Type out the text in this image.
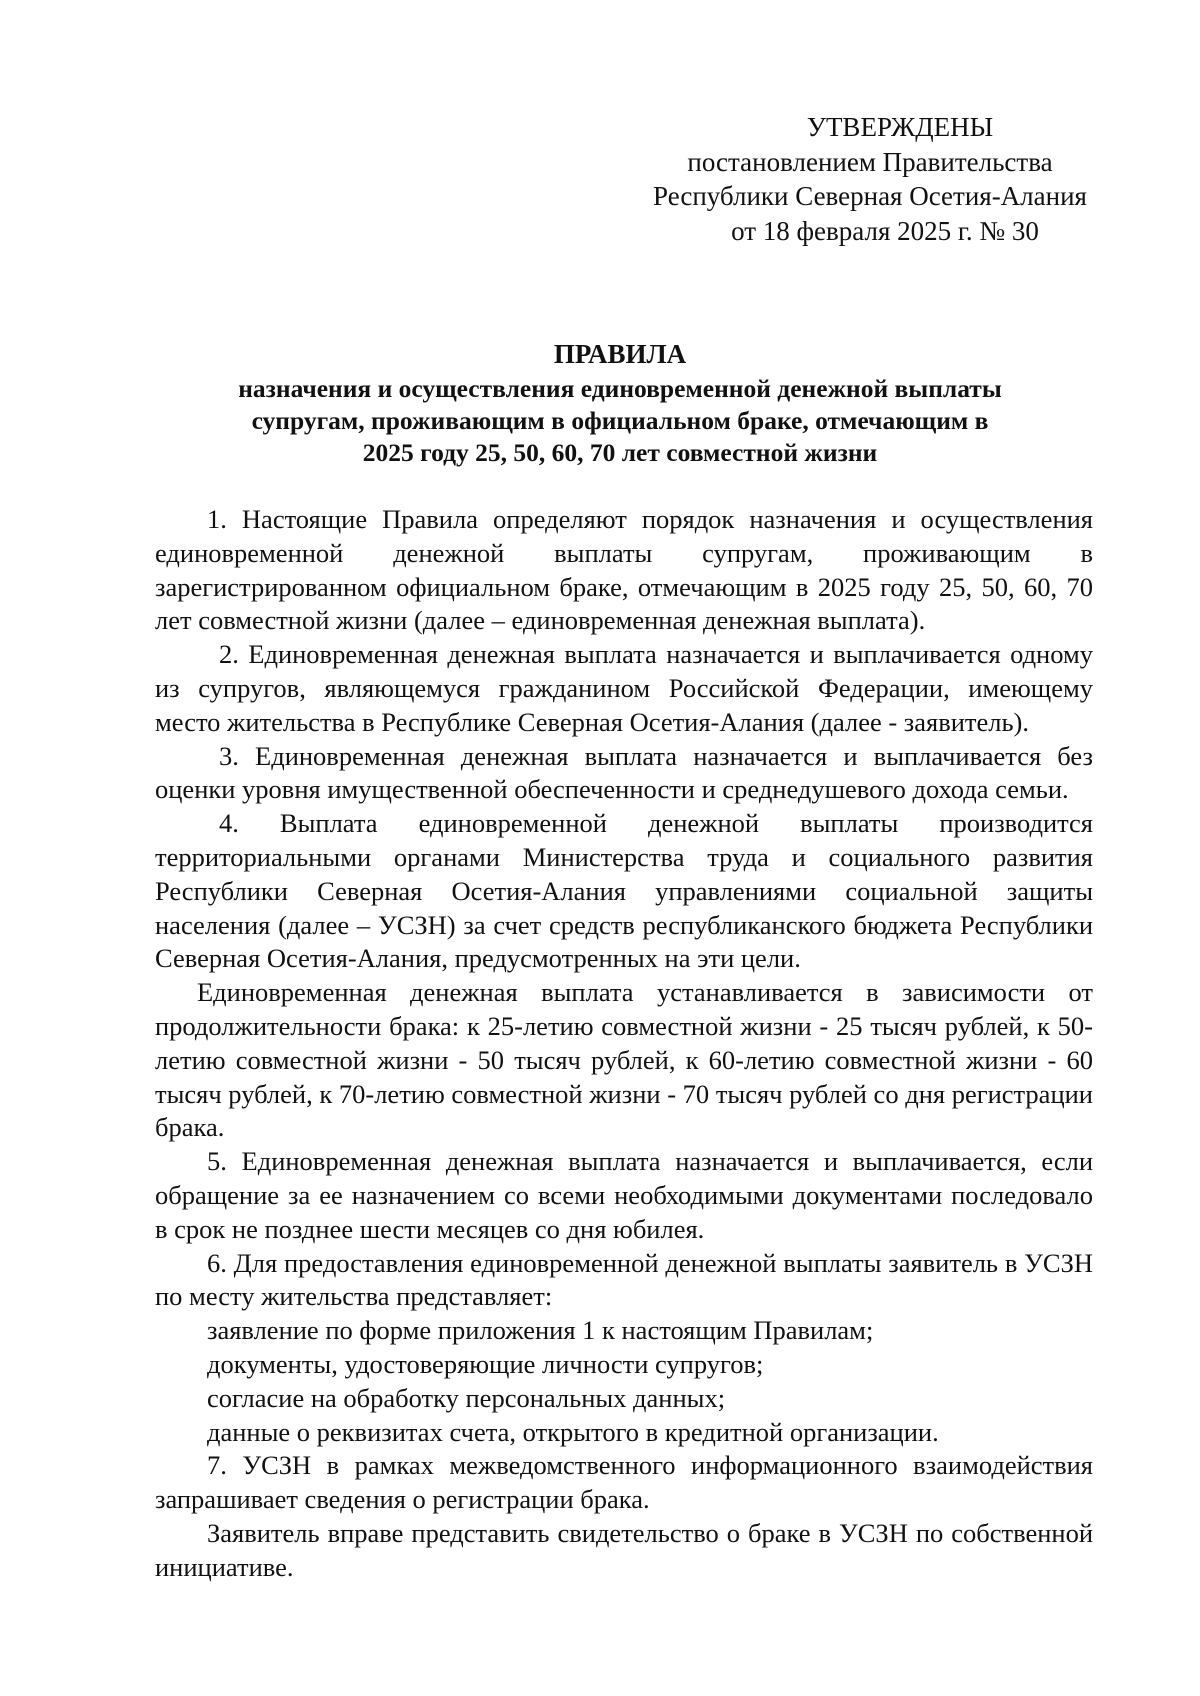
УТВЕРЖДЕНЫ
постановлением Правительства
Республики Северная Осетия-Алания
от 18 февраля 2025 г. № 30
ПРАВИЛА
назначения и осуществления единовременной денежной выплаты
супругам, проживающим в официальном браке, отмечающим в
2025 году 25, 50, 60, 70 лет совместной жизни

1. Настоящие Правила определяют порядок назначения и осуществления единовременной денежной выплаты супругам, проживающим в зарегистрированном официальном браке, отмечающим в 2025 году 25, 50, 60, 70 лет совместной жизни (далее – единовременная денежная выплата).

2. Единовременная денежная выплата назначается и выплачивается одному из супругов, являющемуся гражданином Российской Федерации, имеющему место жительства в Республике Северная Осетия-Алания (далее - заявитель).

3. Единовременная денежная выплата назначается и выплачивается без оценки уровня имущественной обеспеченности и среднедушевого дохода семьи.

4. Выплата единовременной денежной выплаты производится территориальными органами Министерства труда и социального развития Республики Северная Осетия-Алания управлениями социальной защиты населения (далее – УСЗН) за счет средств республиканского бюджета Республики Северная Осетия-Алания, предусмотренных на эти цели.

Единовременная денежная выплата устанавливается в зависимости от продолжительности брака: к 25-летию совместной жизни - 25 тысяч рублей, к 50-летию совместной жизни - 50 тысяч рублей, к 60-летию совместной жизни - 60 тысяч рублей, к 70-летию совместной жизни - 70 тысяч рублей со дня регистрации брака.

5. Единовременная денежная выплата назначается и выплачивается, если обращение за ее назначением со всеми необходимыми документами последовало в срок не позднее шести месяцев со дня юбилея.

6. Для предоставления единовременной денежной выплаты заявитель в УСЗН по месту жительства представляет:

заявление по форме приложения 1 к настоящим Правилам;

документы, удостоверяющие личности супругов;

согласие на обработку персональных данных;

данные о реквизитах счета, открытого в кредитной организации.

7. УСЗН в рамках межведомственного информационного взаимодействия запрашивает сведения о регистрации брака.

Заявитель вправе представить свидетельство о браке в УСЗН по собственной инициативе.
